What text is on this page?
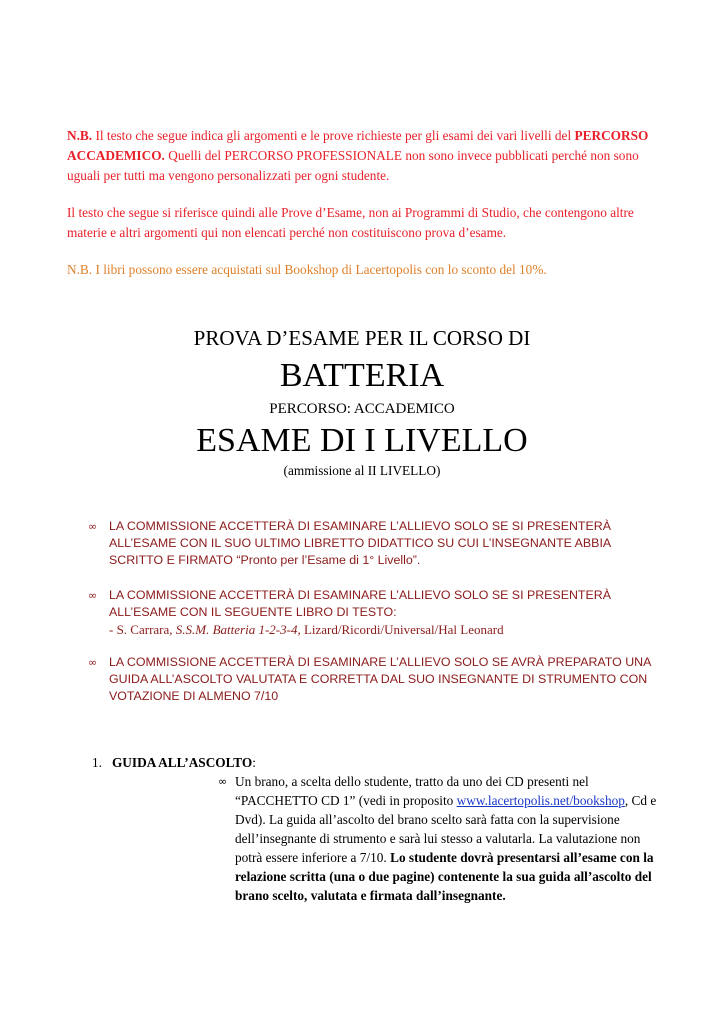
N.B. Il testo che segue indica gli argomenti e le prove richieste per gli esami dei vari livelli del PERCORSO ACCADEMICO. Quelli del PERCORSO PROFESSIONALE non sono invece pubblicati perché non sono uguali per tutti ma vengono personalizzati per ogni studente.

Il testo che segue si riferisce quindi alle Prove d’Esame, non ai Programmi di Studio, che contengono altre materie e altri argomenti qui non elencati perché non costituiscono prova d’esame.

N.B. I libri possono essere acquistati sul Bookshop di Lacertopolis con lo sconto del 10%.

PROVA D’ESAME PER IL CORSO DI
BATTERIA
PERCORSO: ACCADEMICO
ESAME DI I LIVELLO
(ammissione al II LIVELLO)
∞ LA COMMISSIONE ACCETTERÀ DI ESAMINARE L’ALLIEVO SOLO SE SI PRESENTERÀ ALL’ESAME CON IL SUO ULTIMO LIBRETTO DIDATTICO SU CUI L’INSEGNANTE ABBIA SCRITTO E FIRMATO “Pronto per l’Esame di 1° Livello”.
∞ LA COMMISSIONE ACCETTERÀ DI ESAMINARE L’ALLIEVO SOLO SE SI PRESENTERÀ ALL’ESAME CON IL SEGUENTE LIBRO DI TESTO:
- S. Carrara, S.S.M. Batteria 1-2-3-4, Lizard/Ricordi/Universal/Hal Leonard
∞ LA COMMISSIONE ACCETTERÀ DI ESAMINARE L’ALLIEVO SOLO SE AVRÀ PREPARATO UNA GUIDA ALL’ASCOLTO VALUTATA E CORRETTA DAL SUO INSEGNANTE DI STRUMENTO CON VOTAZIONE DI ALMENO 7/10
1. GUIDA ALL’ASCOLTO:
∞ Un brano, a scelta dello studente, tratto da uno dei CD presenti nel “PACCHETTO CD 1” (vedi in proposito www.lacertopolis.net/bookshop, Cd e Dvd). La guida all’ascolto del brano scelto sarà fatta con la supervisione dell’insegnante di strumento e sarà lui stesso a valutarla. La valutazione non potrà essere inferiore a 7/10. Lo studente dovrà presentarsi all’esame con la relazione scritta (una o due pagine) contenente la sua guida all’ascolto del brano scelto, valutata e firmata dall’insegnante.
